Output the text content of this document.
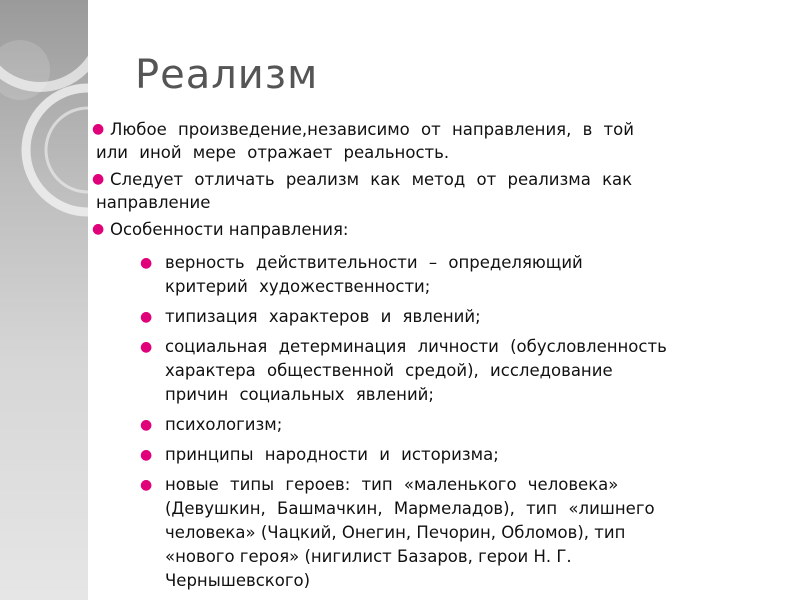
Реализм
● Любое произведение,независимо от направления, в той
или иной мере отражает реальность.
● Следует отличать реализм как метод от реализма как
направление
● Особенности направления:
● верность действительности – определяющий
критерий художественности;
● типизация характеров и явлений;
● социальная детерминация личности (обусловленность
характера общественной средой), исследование
причин социальных явлений;
● психологизм;
● принципы народности и историзма;
● новые типы героев: тип «маленького человека»
(Девушкин, Башмачкин, Мармеладов), тип «лишнего
человека» (Чацкий, Онегин, Печорин, Обломов), тип
«нового героя» (нигилист Базаров, герои Н. Г.
Чернышевского)
